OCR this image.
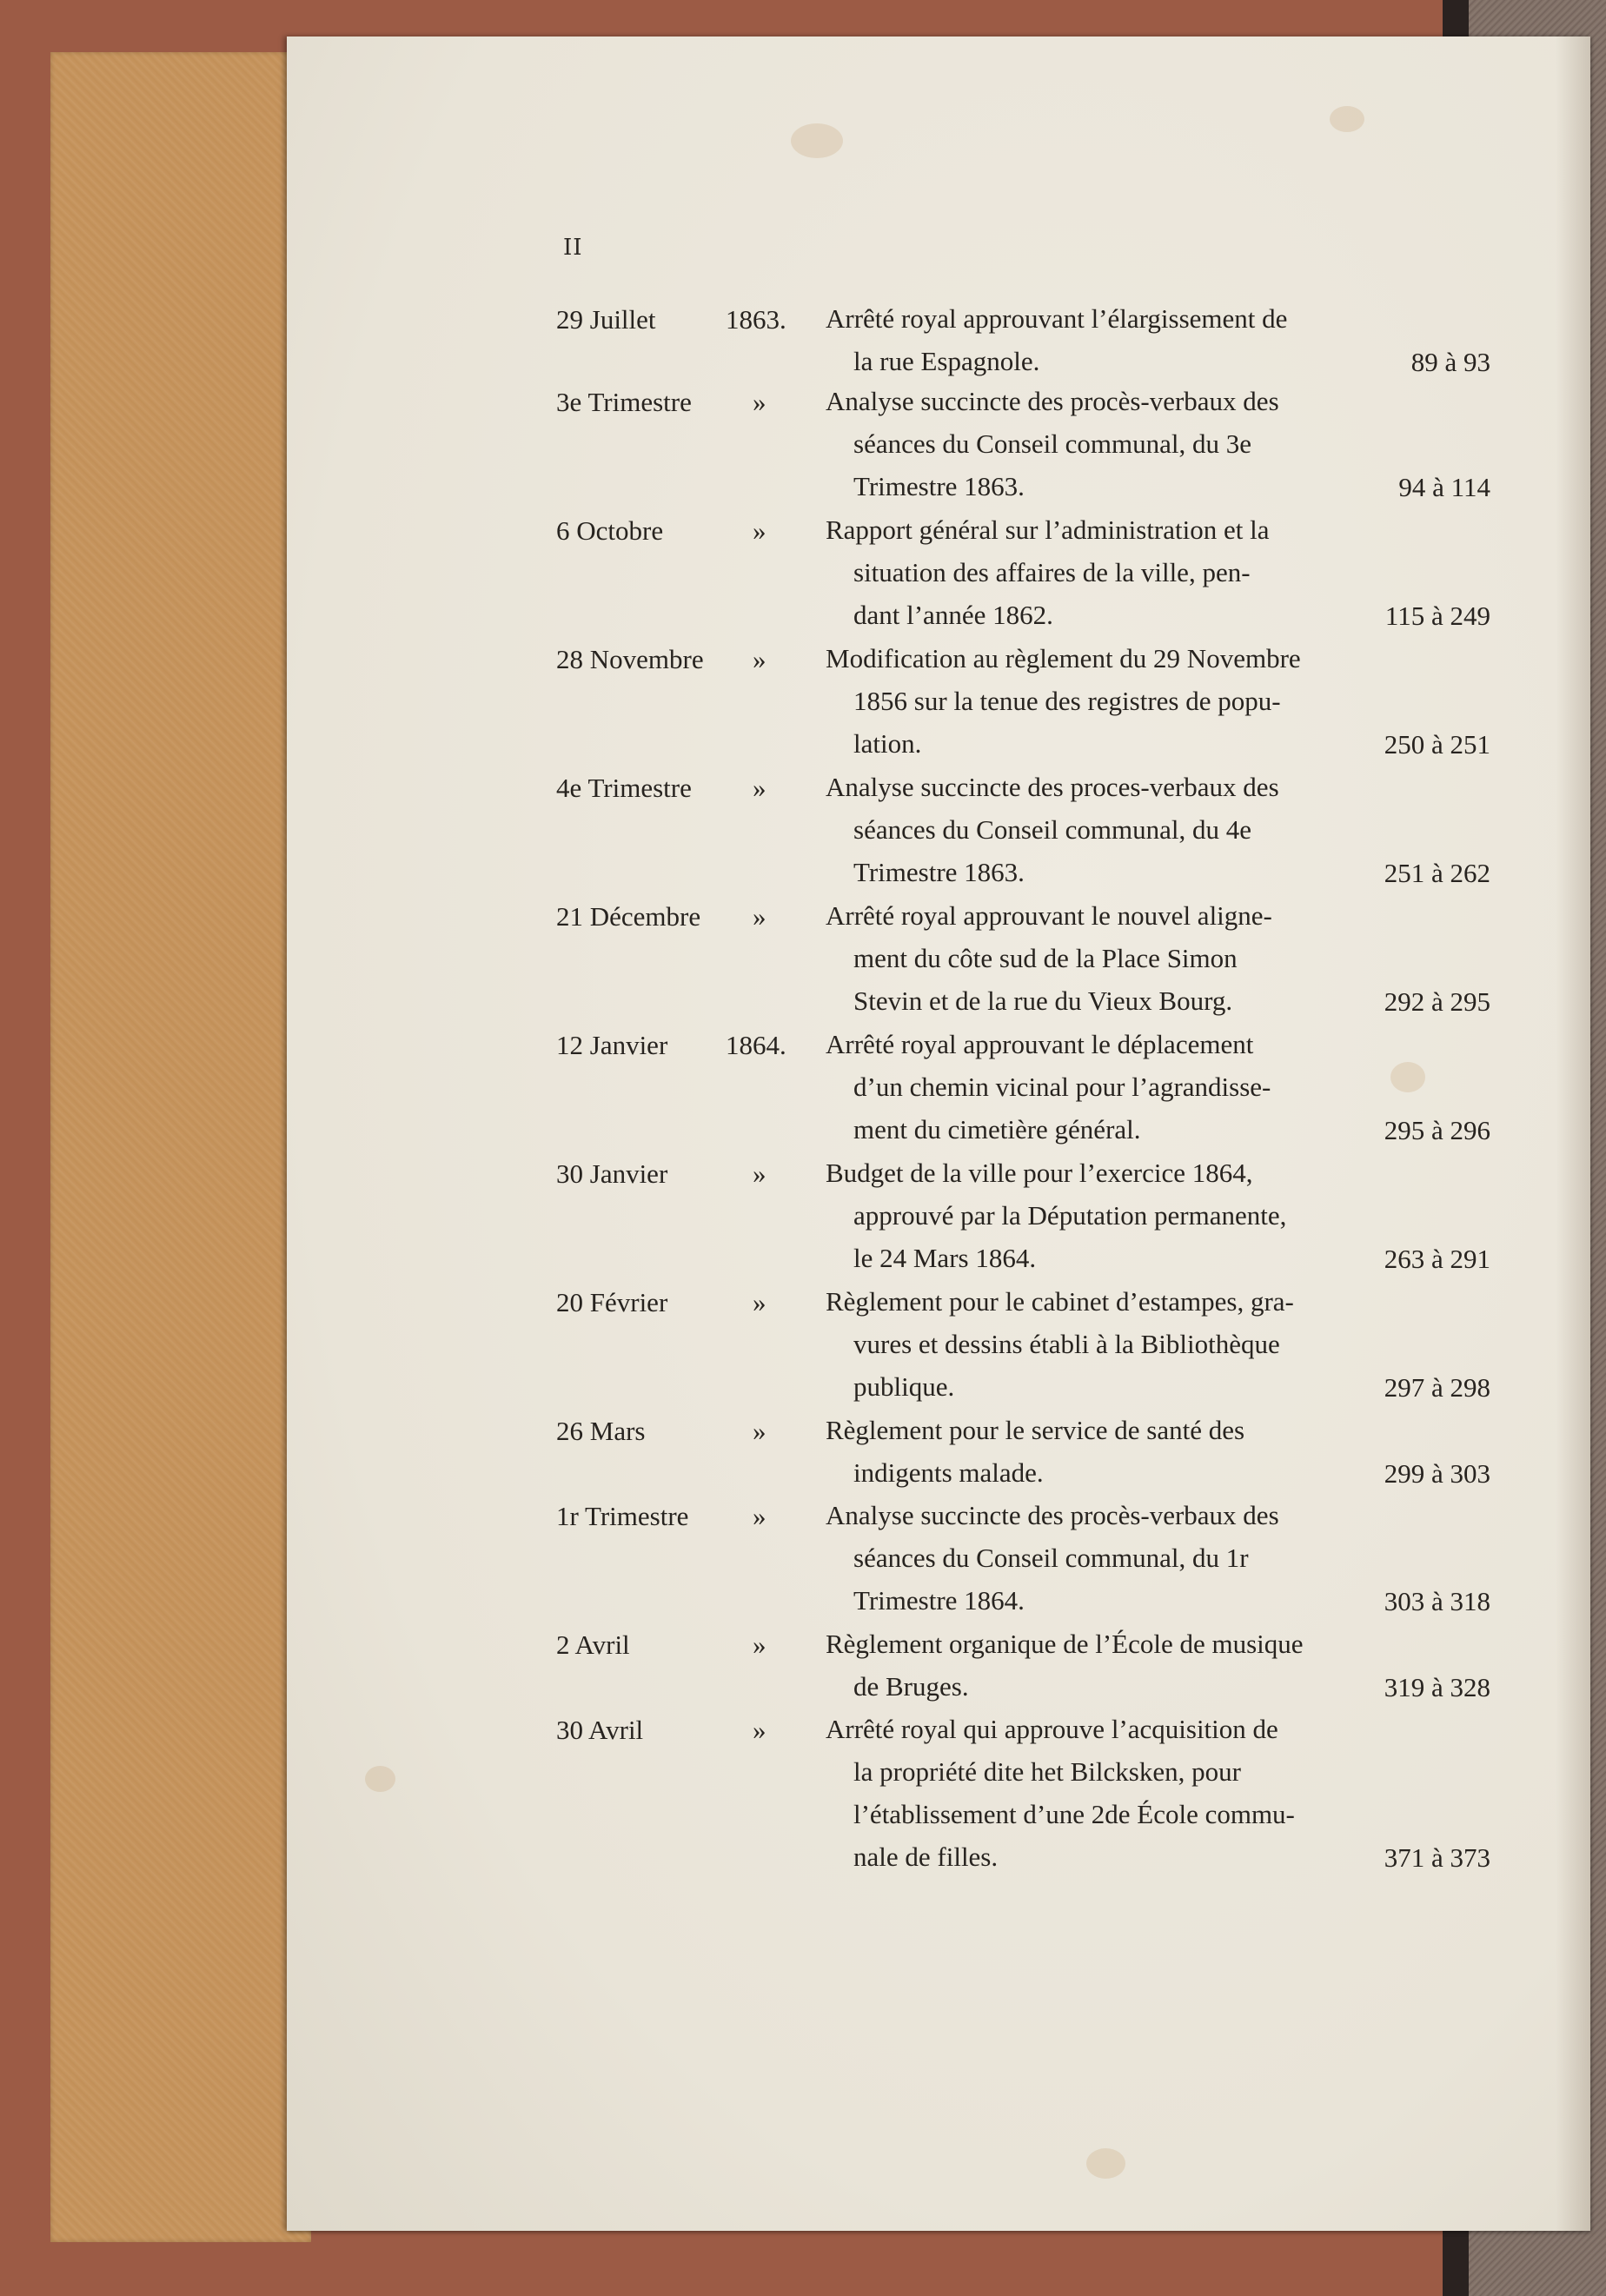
II
29 Juillet	1863. Arrêté royal approuvant l’élargissement de
la rue Espagnole.	89 à 93
3e Trimestre » Analyse succincte des procès-verbaux des
séances du Conseil communal, du 3e
Trimestre 1863.	94 à 114
6 Octobre	» Rapport général sur l’administration et la
situation des affaires de la ville, pen-
dant l’année 1862.	115 à 249
28 Novembre » Modification au règlement du 29 Novembre
1856 sur la tenue des registres de popu-
lation.	250 à 251
4e Trimestre » Analyse succincte des proces-verbaux des
séances du Conseil communal, du 4e
Trimestre 1863.	251 à 262
21 Décembre » Arrêté royal approuvant le nouvel aligne-
ment du côte sud de la Place Simon
Stevin et de la rue du Vieux Bourg.	292 à 295
12 Janvier 1864. Arrêté royal approuvant le déplacement
d’un chemin vicinal pour l’agrandisse-
ment du cimetière général.	295 à 296
30 Janvier	» Budget de la ville pour l’exercice 1864,
approuvé par la Députation permanente,
le 24 Mars 1864.	263 à 291
20 Février	» Règlement pour le cabinet d’estampes, gra-
vures et dessins établi à la Bibliothèque
publique.	297 à 298
26 Mars	» Règlement pour le service de santé des
indigents malade.	299 à 303
1r Trimestre » Analyse succincte des procès-verbaux des
séances du Conseil communal, du 1r
Trimestre 1864.	303 à 318
2 Avril	» Règlement organique de l’École de musique
de Bruges.	319 à 328
30 Avril	» Arrêté royal qui approuve l’acquisition de
la propriété dite het Bilcksken, pour
l’établissement d’une 2de École commu-
nale de filles.	371 à 373
